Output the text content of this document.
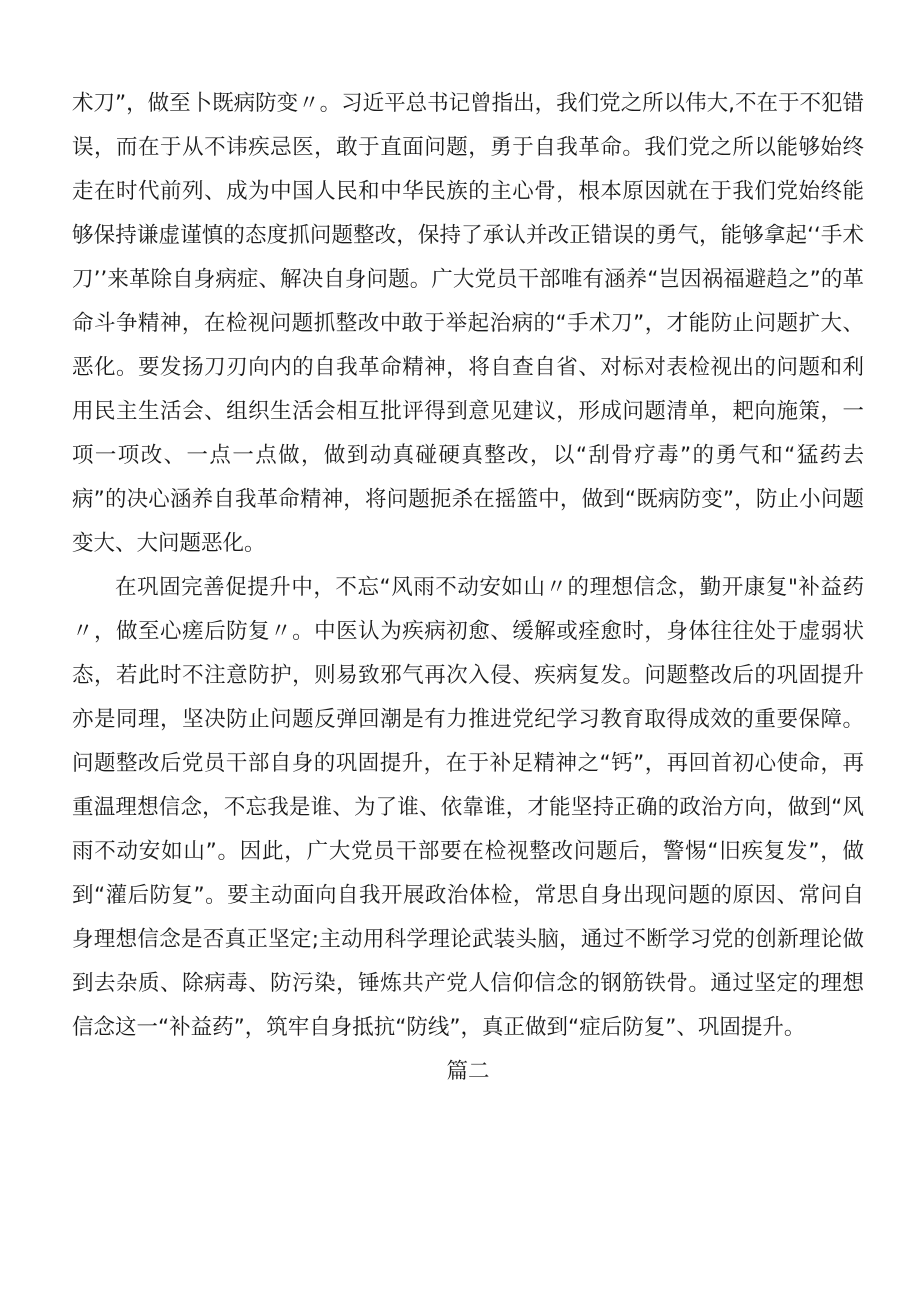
术刀”，做至卜既病防变〃。习近平总书记曾指出，我们党之所以伟大,不在于不犯错误，而在于从不讳疾忌医，敢于直面问题，勇于自我革命。我们党之所以能够始终走在时代前列、成为中国人民和中华民族的主心骨，根本原因就在于我们党始终能够保持谦虚谨慎的态度抓问题整改，保持了承认并改正错误的勇气，能够拿起‘‘手术刀’’来革除自身病症、解决自身问题。广大党员干部唯有涵养“岂因祸福避趋之”的革命斗争精神，在检视问题抓整改中敢于举起治病的“手术刀”，才能防止问题扩大、恶化。要发扬刀刃向内的自我革命精神，将自查自省、对标对表检视出的问题和利用民主生活会、组织生活会相互批评得到意见建议，形成问题清单，耙向施策，一项一项改、一点一点做，做到动真碰硬真整改，以“刮骨疗毒”的勇气和“猛药去病”的决心涵养自我革命精神，将问题扼杀在摇篮中，做到“既病防变”，防止小问题变大、大问题恶化。

在巩固完善促提升中，不忘“风雨不动安如山〃的理想信念，勤开康复"补益药〃，做至心瘥后防复〃。中医认为疾病初愈、缓解或痊愈时，身体往往处于虚弱状态，若此时不注意防护，则易致邪气再次入侵、疾病复发。问题整改后的巩固提升亦是同理，坚决防止问题反弹回潮是有力推进党纪学习教育取得成效的重要保障。问题整改后党员干部自身的巩固提升，在于补足精神之“钙”，再回首初心使命，再重温理想信念，不忘我是谁、为了谁、依靠谁，才能坚持正确的政治方向，做到“风雨不动安如山”。因此，广大党员干部要在检视整改问题后，警惕“旧疾复发”，做到“灌后防复”。要主动面向自我开展政治体检，常思自身出现问题的原因、常问自身理想信念是否真正坚定;主动用科学理论武装头脑，通过不断学习党的创新理论做到去杂质、除病毒、防污染，锤炼共产党人信仰信念的钢筋铁骨。通过坚定的理想信念这一“补益药”，筑牢自身抵抗“防线”，真正做到“症后防复”、巩固提升。

篇二
